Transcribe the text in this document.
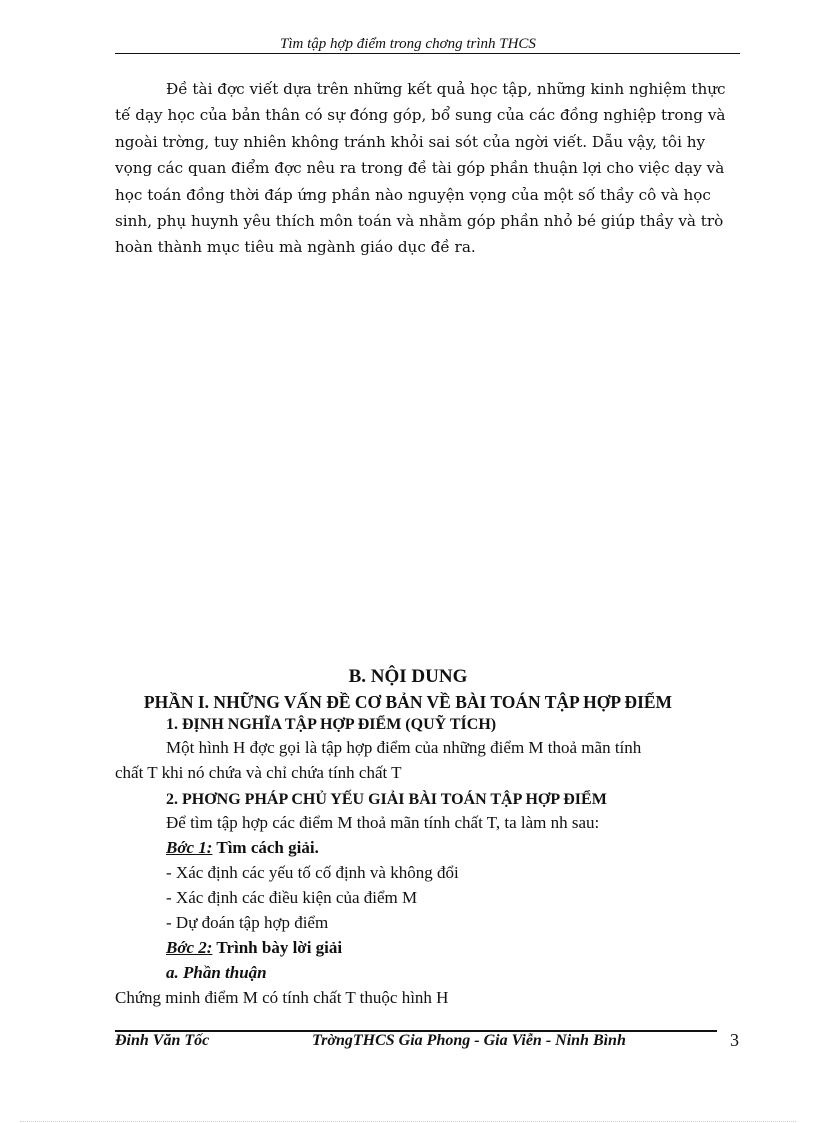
Tìm tập hợp điểm trong chơng trình THCS
Đề tài đợc viết dựa trên những kết quả học tập, những kinh nghiệm thực
tế dạy học của bản thân có sự đóng góp, bổ sung của các đồng nghiệp trong và
ngoài trờng, tuy nhiên không tránh khỏi sai sót của ngời viết. Dẫu vậy, tôi hy
vọng các quan điểm đợc nêu ra trong đề tài góp phần thuận lợi cho việc dạy và
học toán đồng thời đáp ứng phần nào nguyện vọng của một số thầy cô và học
sinh, phụ huynh yêu thích môn toán và nhằm góp phần nhỏ bé giúp thầy và trò
hoàn thành mục tiêu mà ngành giáo dục đề ra.
B. NỘI DUNG
PHẦN I. NHỮNG VẤN ĐỀ CƠ BẢN VỀ BÀI TOÁN TẬP HỢP ĐIỂM
1. ĐỊNH NGHĨA TẬP HỢP ĐIỂM (QUỸ TÍCH)
Một hình H đợc gọi là tập hợp điểm của những điểm M thoả mãn tính
chất T khi nó chứa và chỉ chứa tính chất T
2. PHƠNG PHÁP CHỦ YẾU GIẢI BÀI TOÁN TẬP HỢP ĐIỂM
Để tìm tập hợp các điểm M thoả mãn tính chất T, ta làm nh sau:
Bớc 1: Tìm cách giải.
- Xác định các yếu tố cố định và không đổi
- Xác định các điều kiện của điểm M
- Dự đoán tập hợp điểm
Bớc 2: Trình bày lời giải
a. Phần thuận
Chứng minh điểm M có tính chất T thuộc hình H
Đinh Văn Tốc	TrờngTHCS Gia Phong - Gia Viễn - Ninh Bình	3
